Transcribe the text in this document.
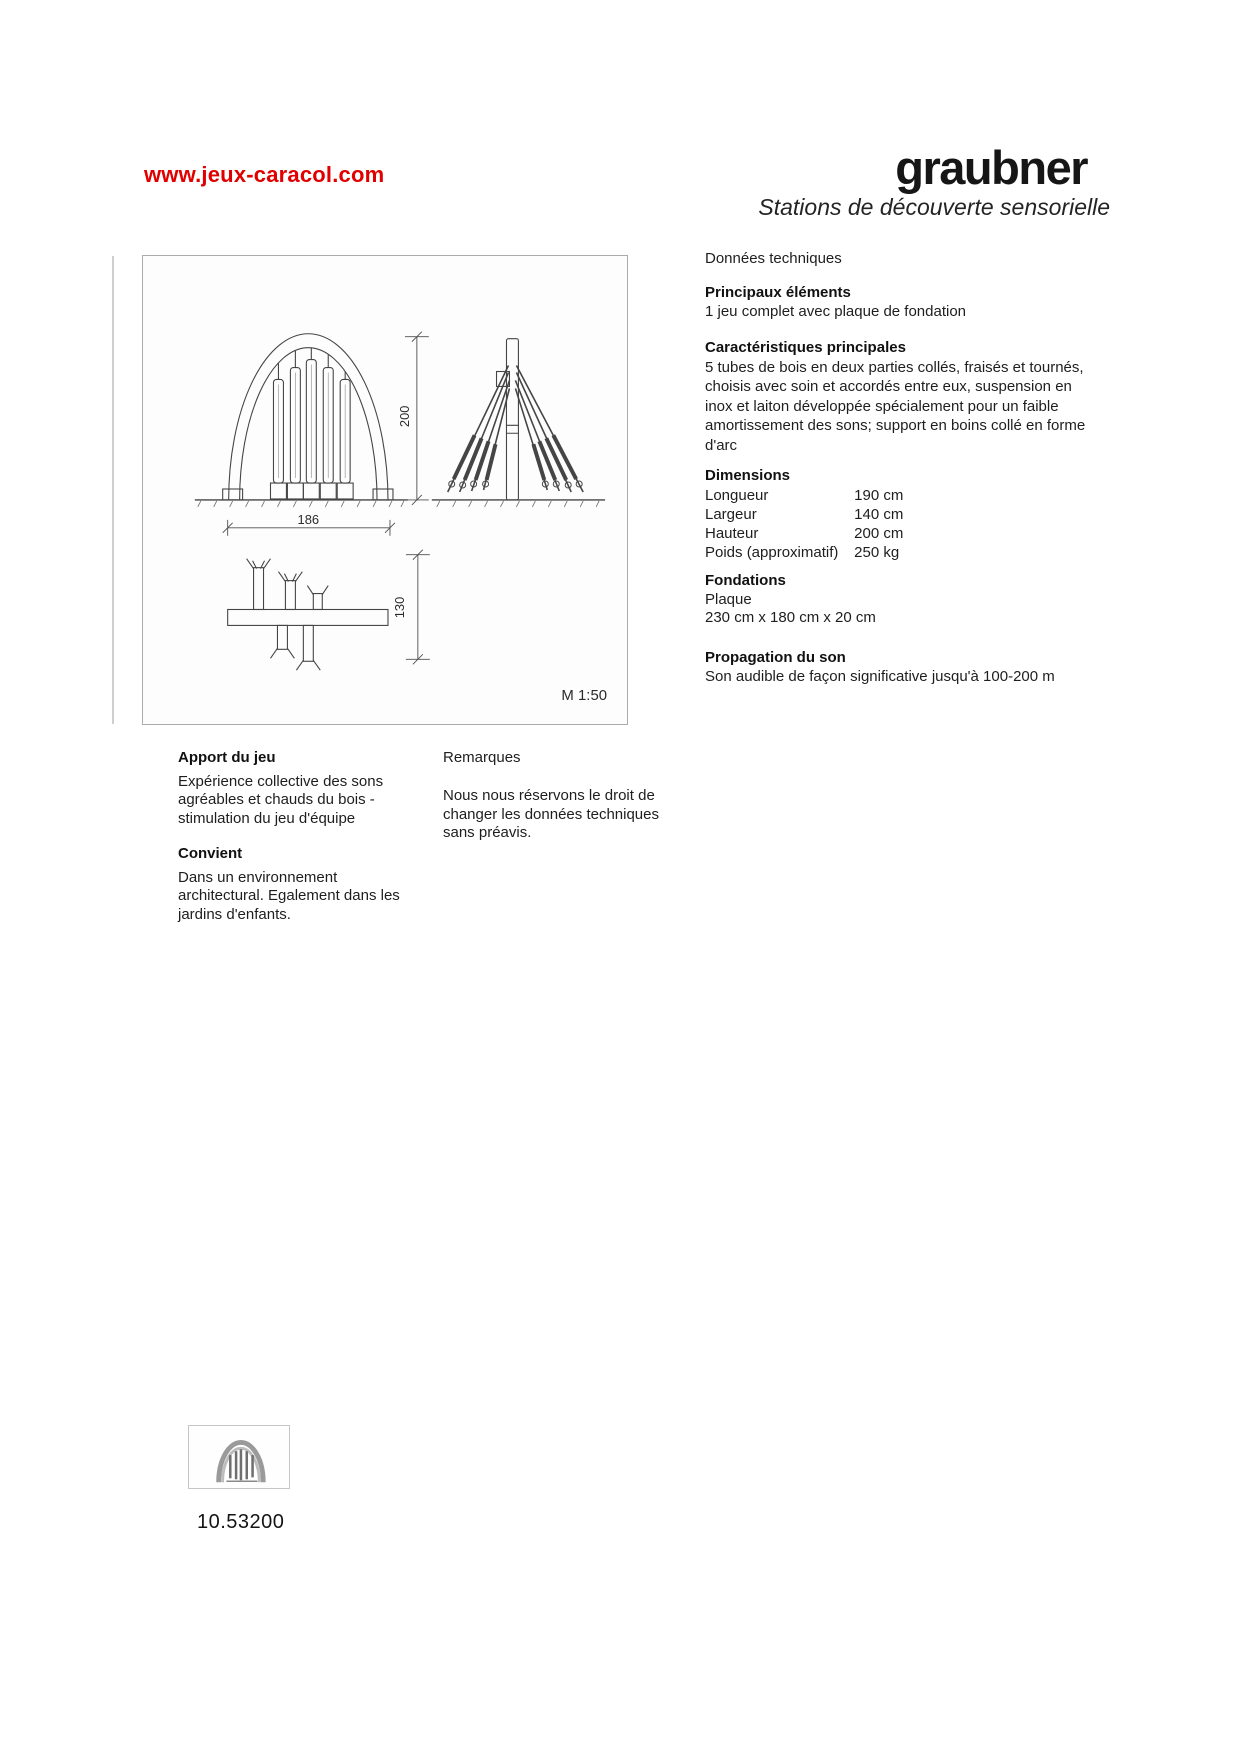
www.jeux-caracol.com	graubner
Stations de découverte sensorielle
200
186
130
M 1:50
Données techniques
Principaux éléments
1 jeu complet avec plaque de fondation
Caractéristiques principales
5 tubes de bois en deux parties collés, fraisés et tournés,
choisis avec soin et accordés entre eux, suspension en
inox et laiton développée spécialement pour un faible
amortissement des sons; support en boins collé en forme
d'arc
Dimensions
Longueur	190 cm
Largeur	140 cm
Hauteur	200 cm
Poids (approximatif) 250 kg
Fondations
Plaque
230 cm x 180 cm x 20 cm
Propagation du son
Son audible de façon significative jusqu'à 100-200 m
Apport du jeu
Expérience collective des sons
agréables et chauds du bois -
stimulation du jeu d'équipe
Convient
Dans un environnement
architectural. Egalement dans les
jardins d'enfants.
Remarques
Nous nous réservons le droit de
changer les données techniques
sans préavis.
10.53200
